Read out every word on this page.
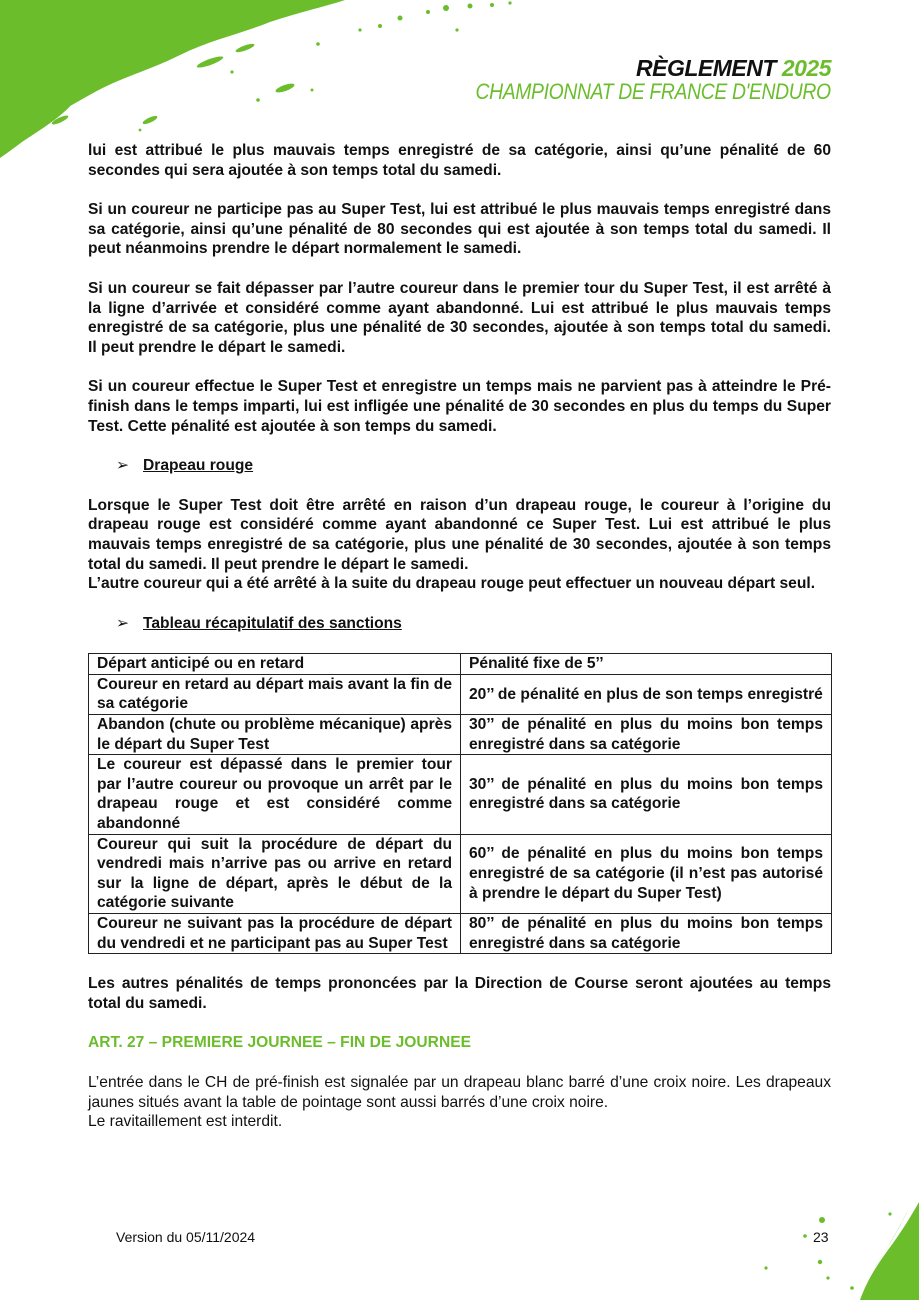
RÈGLEMENT 2025
CHAMPIONNAT DE FRANCE D'ENDURO

lui est attribué le plus mauvais temps enregistré de sa catégorie, ainsi qu’une pénalité de 60 secondes qui sera ajoutée à son temps total du samedi.

Si un coureur ne participe pas au Super Test, lui est attribué le plus mauvais temps enregistré dans sa catégorie, ainsi qu’une pénalité de 80 secondes qui est ajoutée à son temps total du samedi. Il peut néanmoins prendre le départ normalement le samedi.

Si un coureur se fait dépasser par l’autre coureur dans le premier tour du Super Test, il est arrêté à la ligne d’arrivée et considéré comme ayant abandonné. Lui est attribué le plus mauvais temps enregistré de sa catégorie, plus une pénalité de 30 secondes, ajoutée à son temps total du samedi. Il peut prendre le départ le samedi.

Si un coureur effectue le Super Test et enregistre un temps mais ne parvient pas à atteindre le Pré-finish dans le temps imparti, lui est infligée une pénalité de 30 secondes en plus du temps du Super Test. Cette pénalité est ajoutée à son temps du samedi.

➢ Drapeau rouge

Lorsque le Super Test doit être arrêté en raison d’un drapeau rouge, le coureur à l’origine du drapeau rouge est considéré comme ayant abandonné ce Super Test. Lui est attribué le plus mauvais temps enregistré de sa catégorie, plus une pénalité de 30 secondes, ajoutée à son temps total du samedi. Il peut prendre le départ le samedi.

L’autre coureur qui a été arrêté à la suite du drapeau rouge peut effectuer un nouveau départ seul.

➢ Tableau récapitulatif des sanctions
Départ anticipé ou en retard	Pénalité fixe de 5’’
Coureur en retard au départ mais avant la fin de sa catégorie	20’’ de pénalité en plus de son temps enregistré
Abandon (chute ou problème mécanique) après le départ du Super Test	30’’ de pénalité en plus du moins bon temps enregistré dans sa catégorie
Le coureur est dépassé dans le premier tour par l’autre coureur ou provoque un arrêt par le drapeau rouge et est considéré comme abandonné	30’’ de pénalité en plus du moins bon temps enregistré dans sa catégorie
Coureur qui suit la procédure de départ du vendredi mais n’arrive pas ou arrive en retard sur la ligne de départ, après le début de la catégorie suivante	60’’ de pénalité en plus du moins bon temps enregistré de sa catégorie (il n’est pas autorisé à prendre le départ du Super Test)
Coureur ne suivant pas la procédure de départ du vendredi et ne participant pas au Super Test	80’’ de pénalité en plus du moins bon temps enregistré dans sa catégorie

Les autres pénalités de temps prononcées par la Direction de Course seront ajoutées au temps total du samedi.

ART. 27 – PREMIERE JOURNEE – FIN DE JOURNEE

L’entrée dans le CH de pré-finish est signalée par un drapeau blanc barré d’une croix noire. Les drapeaux jaunes situés avant la table de pointage sont aussi barrés d’une croix noire.

Le ravitaillement est interdit.

Version du 05/11/2024	23
